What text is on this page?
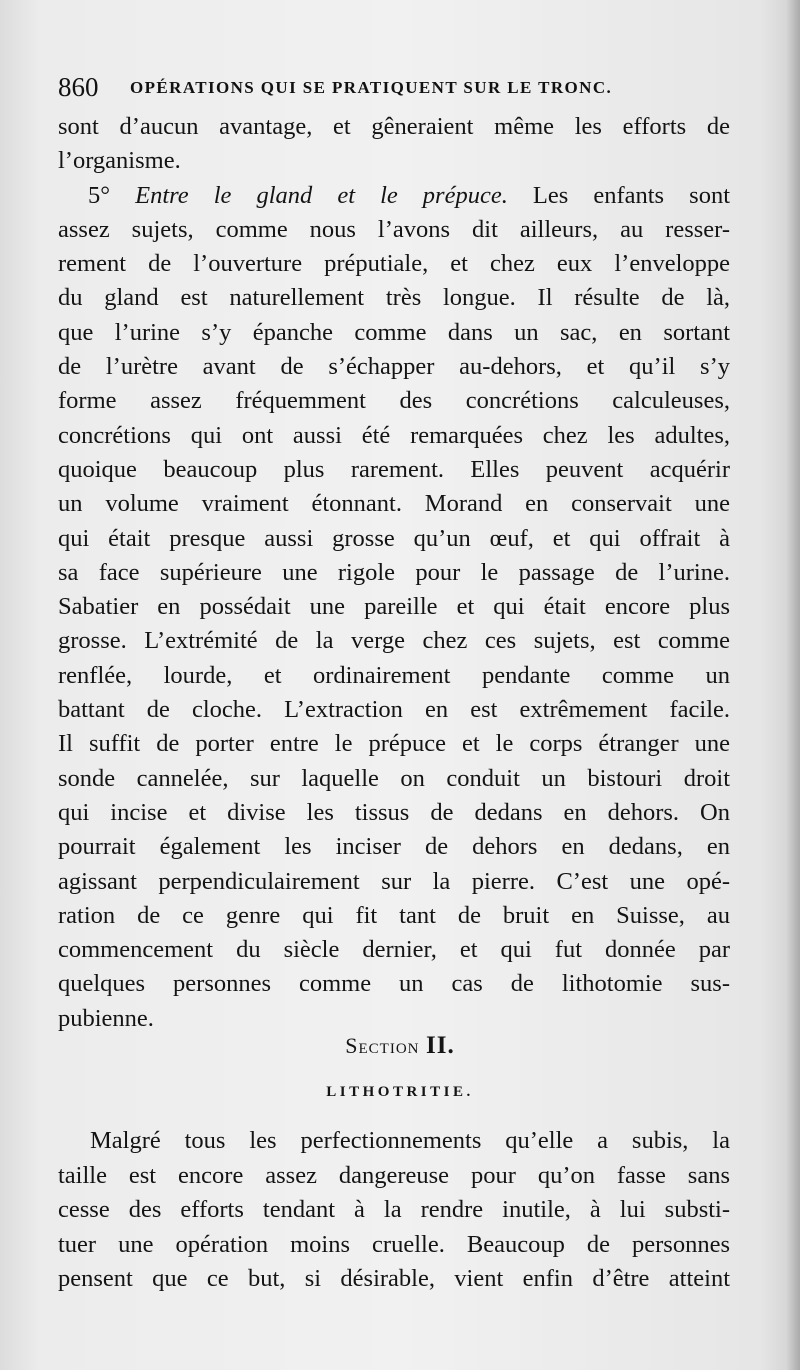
860 OPÉRATIONS QUI SE PRATIQUENT SUR LE TRONC.
sont d’aucun avantage, et gêneraient même les efforts de
l’organisme.
5° Entre le gland et le prépuce. Les enfants sont
assez sujets, comme nous l’avons dit ailleurs, au resser-
rement de l’ouverture préputiale, et chez eux l’enveloppe
du gland est naturellement très longue. Il résulte de là,
que l’urine s’y épanche comme dans un sac, en sortant
de l’urètre avant de s’échapper au-dehors, et qu’il s’y
forme assez fréquemment des concrétions calculeuses,
concrétions qui ont aussi été remarquées chez les adultes,
quoique beaucoup plus rarement. Elles peuvent acquérir
un volume vraiment étonnant. Morand en conservait une
qui était presque aussi grosse qu’un œuf, et qui offrait à
sa face supérieure une rigole pour le passage de l’urine.
Sabatier en possédait une pareille et qui était encore plus
grosse. L’extrémité de la verge chez ces sujets, est comme
renflée, lourde, et ordinairement pendante comme un
battant de cloche. L’extraction en est extrêmement facile.
Il suffit de porter entre le prépuce et le corps étranger une
sonde cannelée, sur laquelle on conduit un bistouri droit
qui incise et divise les tissus de dedans en dehors. On
pourrait également les inciser de dehors en dedans, en
agissant perpendiculairement sur la pierre. C’est une opé-
ration de ce genre qui fit tant de bruit en Suisse, au
commencement du siècle dernier, et qui fut donnée par
quelques personnes comme un cas de lithotomie sus-
pubienne.
Section II.
LITHOTRITIE.
Malgré tous les perfectionnements qu’elle a subis, la
taille est encore assez dangereuse pour qu’on fasse sans
cesse des efforts tendant à la rendre inutile, à lui substi-
tuer une opération moins cruelle. Beaucoup de personnes
pensent que ce but, si désirable, vient enfin d’être atteint
